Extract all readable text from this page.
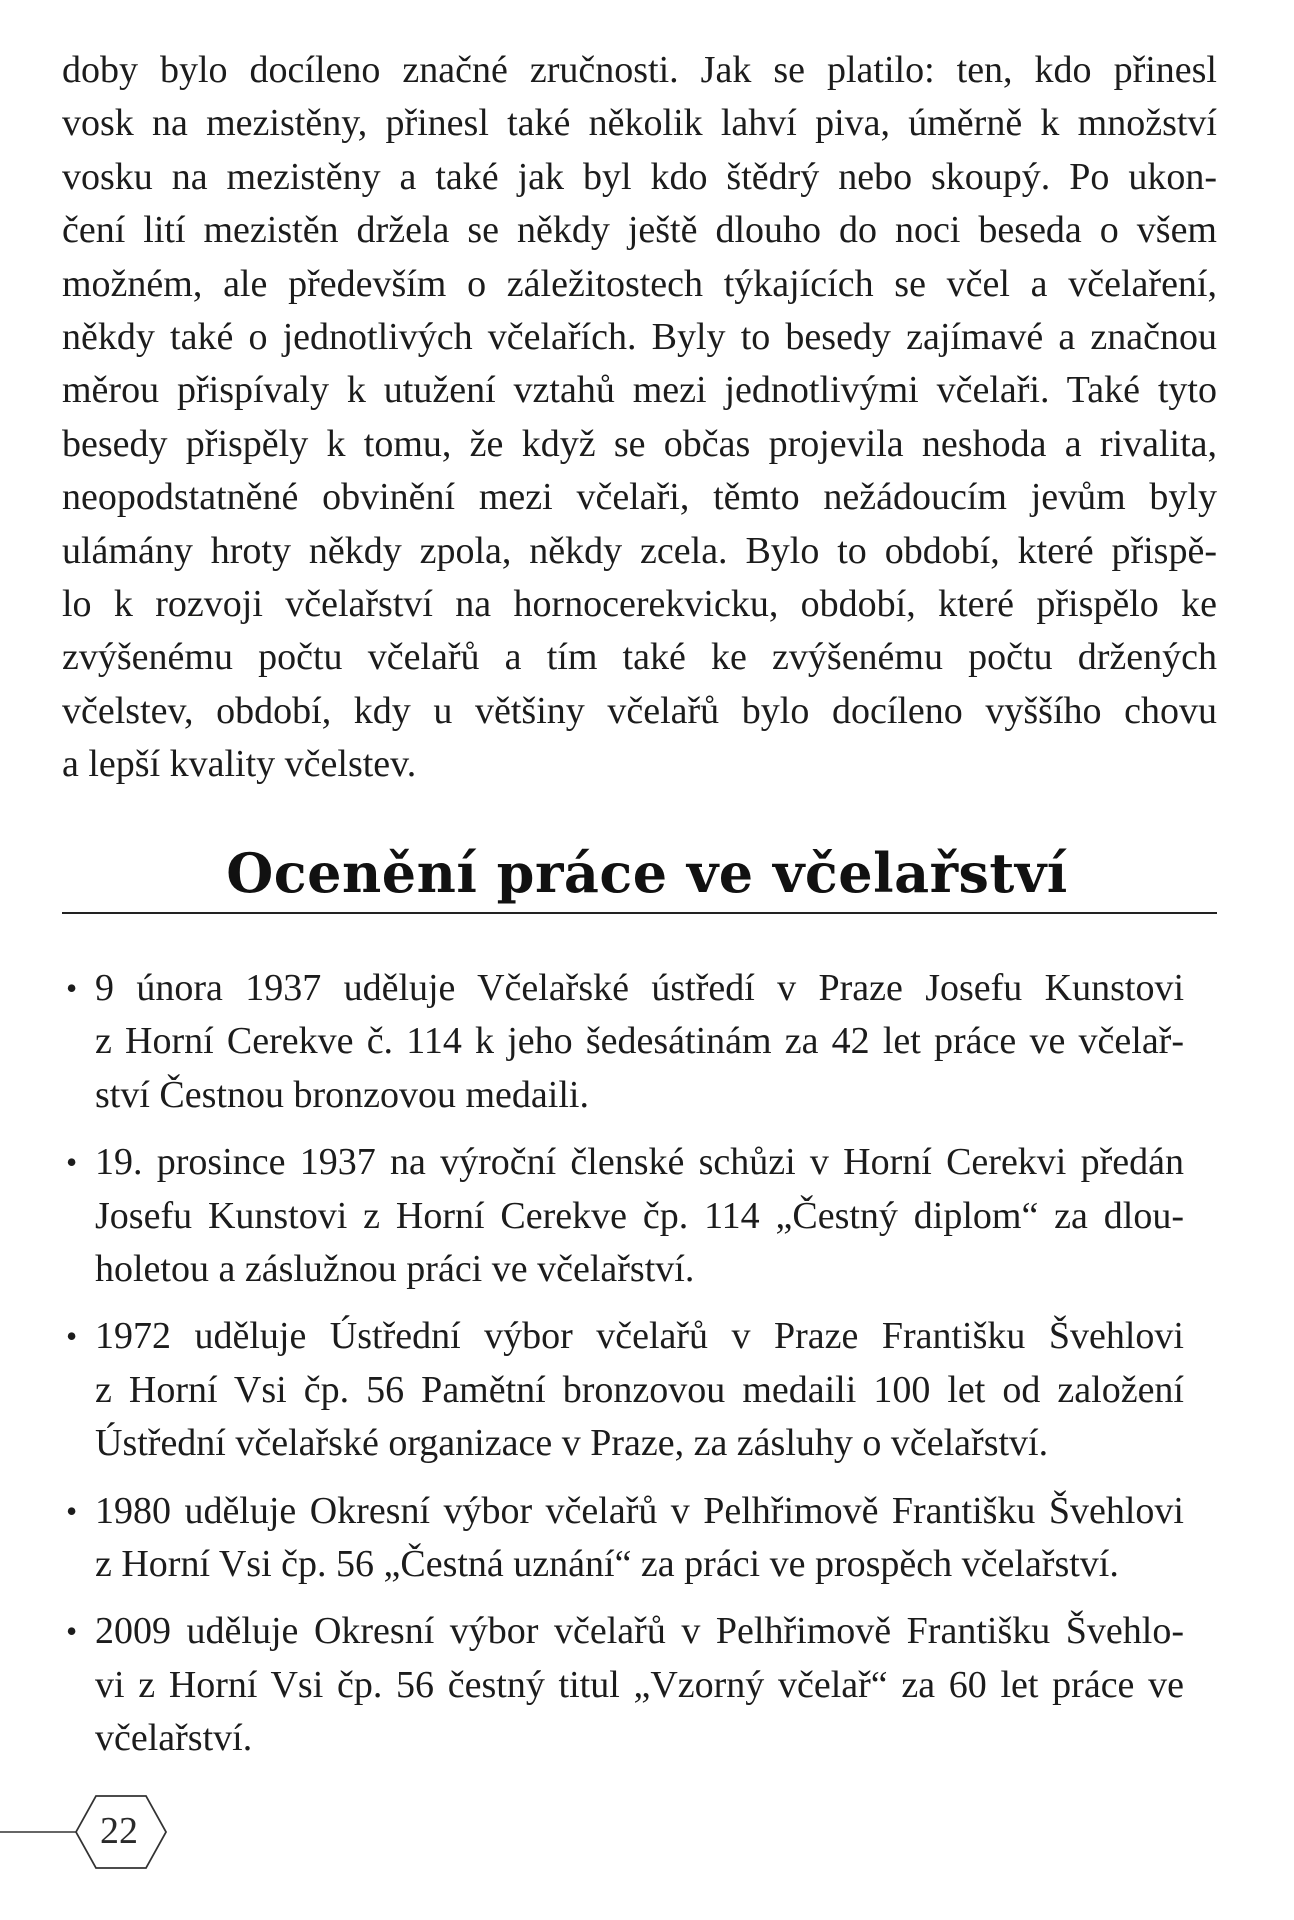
doby bylo docíleno značné zručnosti. Jak se platilo: ten, kdo přinesl
vosk na mezistěny, přinesl také několik lahví piva, úměrně k množství
vosku na mezistěny a také jak byl kdo štědrý nebo skoupý. Po ukon-
čení lití mezistěn držela se někdy ještě dlouho do noci beseda o všem
možném, ale především o záležitostech týkajících se včel a včelaření,
někdy také o jednotlivých včelařích. Byly to besedy zajímavé a značnou
měrou přispívaly k utužení vztahů mezi jednotlivými včelaři. Také tyto
besedy přispěly k tomu, že když se občas projevila neshoda a rivalita,
neopodstatněné obvinění mezi včelaři, těmto nežádoucím jevům byly
ulámány hroty někdy zpola, někdy zcela. Bylo to období, které přispě-
lo k rozvoji včelařství na hornocerekvicku, období, které přispělo ke
zvýšenému počtu včelařů a tím také ke zvýšenému počtu držených
včelstev, období, kdy u většiny včelařů bylo docíleno vyššího chovu
a lepší kvality včelstev.
Ocenění práce ve včelařství
• 9 února 1937 uděluje Včelařské ústředí v Praze Josefu Kunstovi
z Horní Cerekve č. 114 k jeho šedesátinám za 42 let práce ve včelař-
ství Čestnou bronzovou medaili.
• 19. prosince 1937 na výroční členské schůzi v Horní Cerekvi předán
Josefu Kunstovi z Horní Cerekve čp. 114 „Čestný diplom“ za dlou-
holetou a záslužnou práci ve včelařství.
• 1972 uděluje Ústřední výbor včelařů v Praze Františku Švehlovi
z Horní Vsi čp. 56 Pamětní bronzovou medaili 100 let od založení
Ústřední včelařské organizace v Praze, za zásluhy o včelařství.
• 1980 uděluje Okresní výbor včelařů v Pelhřimově Františku Švehlovi
z Horní Vsi čp. 56 „Čestná uznání“ za práci ve prospěch včelařství.
• 2009 uděluje Okresní výbor včelařů v Pelhřimově Františku Švehlo-
vi z Horní Vsi čp. 56 čestný titul „Vzorný včelař“ za 60 let práce ve
včelařství.
22
